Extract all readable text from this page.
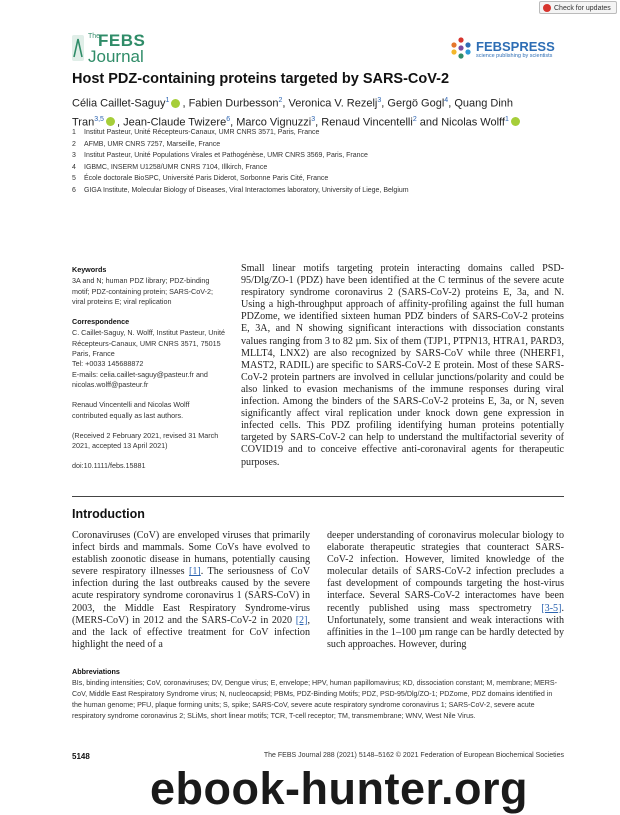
Check for updates
The
FEBS
Journal
FEBSPRESS
science publishing by scientists
Host PDZ-containing proteins targeted by SARS-CoV-2
Célia Caillet-Saguy$^1$ , Fabien Durbesson$^2$, Veronica V. Rezelj$^3$, Gergö Gogl$^4$, Quang Dinh Tran$^{3,5}$ , Jean-Claude Twizere$^6$, Marco Vignuzzi$^3$, Renaud Vincentelli$^2$ and Nicolas Wolff$^1$
1 Institut Pasteur, Unité Récepteurs-Canaux, UMR CNRS 3571, Paris, France
2 AFMB, UMR CNRS 7257, Marseille, France
3 Institut Pasteur, Unité Populations Virales et Pathogénèse, UMR CNRS 3569, Paris, France
4 IGBMC, INSERM U1258/UMR CNRS 7104, Illkirch, France
5 École doctorale BioSPC, Université Paris Diderot, Sorbonne Paris Cité, France
6 GIGA Institute, Molecular Biology of Diseases, Viral Interactomes laboratory, University of Liege, Belgium

Keywords

3A and N; human PDZ library; PDZ-binding motif; PDZ-containing protein; SARS-CoV-2; viral proteins E; viral replication

Correspondence

C. Caillet-Saguy, N. Wolff, Institut Pasteur, Unité Récepteurs-Canaux, UMR CNRS 3571, 75015 Paris, France

Tel: +0033 145688872

E-mails: celia.caillet-saguy@pasteur.fr and nicolas.wolff@pasteur.fr

Renaud Vincentelli and Nicolas Wolff contributed equally as last authors.

(Received 2 February 2021, revised 31 March 2021, accepted 13 April 2021)

doi:10.1111/febs.15881

Small linear motifs targeting protein interacting domains called PSD-95/Dlg/ZO-1 (PDZ) have been identified at the C terminus of the severe acute respiratory syndrome coronavirus 2 (SARS-CoV-2) proteins E, 3a, and N. Using a high-throughput approach of affinity-profiling against the full human PDZome, we identified sixteen human PDZ binders of SARS-CoV-2 proteins E, 3A, and N showing significant interactions with dissociation constants values ranging from 3 to 82 µm. Six of them (TJP1, PTPN13, HTRA1, PARD3, MLLT4, LNX2) are also recognized by SARS-CoV while three (NHERF1, MAST2, RADIL) are specific to SARS-CoV-2 E protein. Most of these SARS-CoV-2 protein partners are involved in cellular junctions/polarity and could be also linked to evasion mechanisms of the immune responses during viral infection. Among the binders of the SARS-CoV-2 proteins E, 3a, or N, seven significantly affect viral replication under knock down gene expression in infected cells. This PDZ profiling identifying human proteins potentially targeted by SARS-CoV-2 can help to understand the multifactorial severity of COVID19 and to conceive effective anti-coronaviral agents for therapeutic purposes.

Introduction

Coronaviruses (CoV) are enveloped viruses that primarily infect birds and mammals. Some CoVs have evolved to establish zoonotic disease in humans, potentially causing severe respiratory illnesses [1]. The seriousness of CoV infection during the last outbreaks caused by the severe acute respiratory syndrome coronavirus 1 (SARS-CoV) in 2003, the Middle East Respiratory Syndrome-virus (MERS-CoV) in 2012 and the SARS-CoV-2 in 2020 [2], and the lack of effective treatment for CoV infection highlight the need of a

deeper understanding of coronavirus molecular biology to elaborate therapeutic strategies that counteract SARS-CoV-2 infection. However, limited knowledge of the molecular details of SARS-CoV-2 infection precludes a fast development of compounds targeting the host-virus interface. Several SARS-CoV-2 interactomes have been recently published using mass spectrometry [3-5]. Unfortunately, some transient and weak interactions with affinities in the 1–100 µm range can be hardly detected by such approaches. However, during

Abbreviations
BIs, binding intensities; CoV, coronaviruses; DV, Dengue virus; E, envelope; HPV, human papillomavirus; KD, dissociation constant; M, membrane; MERS-CoV, Middle East Respiratory Syndrome virus; N, nucleocapsid; PBMs, PDZ-Binding Motifs; PDZ, PSD-95/Dlg/ZO-1; PDZome, PDZ domains identified in the human genome; PFU, plaque forming units; S, spike; SARS-CoV, severe acute respiratory syndrome coronavirus 1; SARS-CoV-2, severe acute respiratory syndrome coronavirus 2; SLiMs, short linear motifs; TCR, T-cell receptor; TM, transmembrane; WNV, West Nile Virus.
5148	The FEBS Journal 288 (2021) 5148–5162 © 2021 Federation of European Biochemical Societies
ebook-hunter.org
